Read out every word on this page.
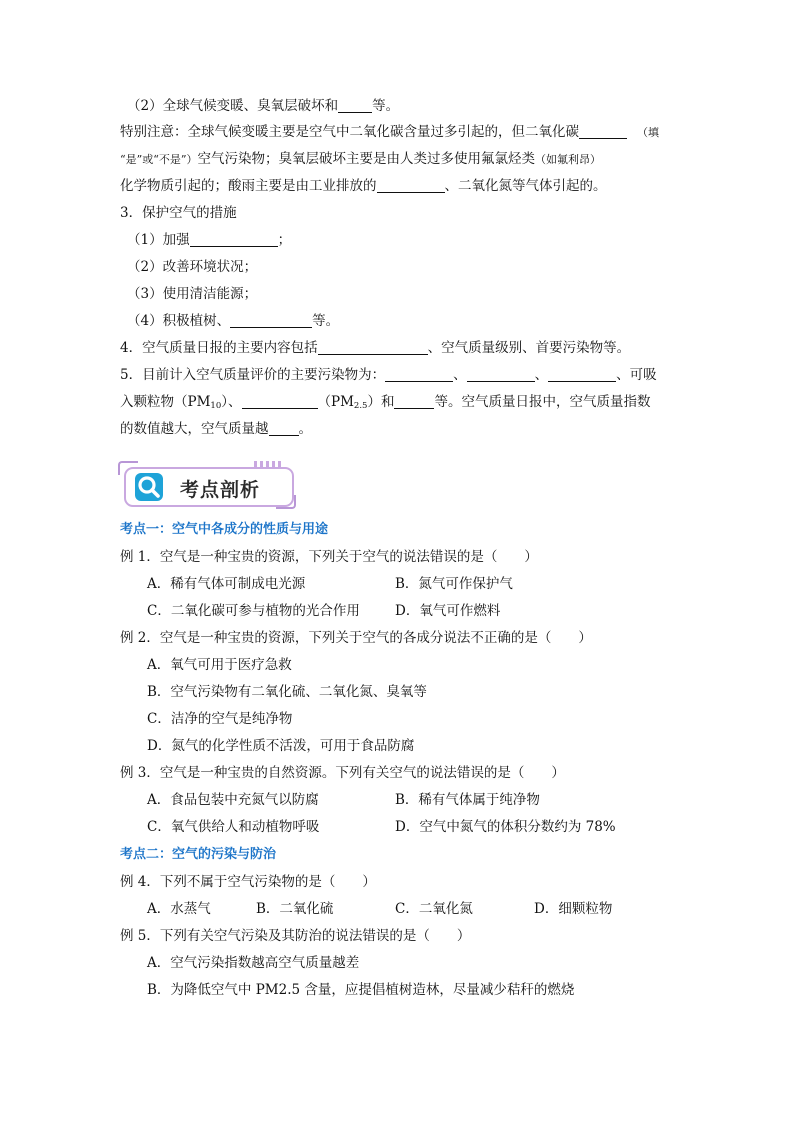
（2）全球气候变暖、臭氧层破坏和	等。
特别注意：全球气候变暖主要是空气中二氧化碳含量过多引起的，但二氧化碳	（填
“是”或“不是”）空气污染物；臭氧层破坏主要是由人类过多使用氟氯烃类（如氟利昂）
化学物质引起的；酸雨主要是由工业排放的	、二氧化氮等气体引起的。
3．保护空气的措施
（1）加强	；
（2）改善环境状况；
（3）使用清洁能源；
（4）积极植树、	等。
4．空气质量日报的主要内容包括	、空气质量级别、首要污染物等。
5．目前计入空气质量评价的主要污染物为：	、	、	、可吸
入颗粒物$(PM_{10})$、	$(PM_{2.5})$和	等。空气质量日报中，空气质量指数
的数值越大，空气质量越 。
考点剖析
考点一：空气中各成分的性质与用途
例 1．空气是一种宝贵的资源，下列关于空气的说法错误的是（　　）
A．稀有气体可制成电光源	B．氮气可作保护气
C．二氧化碳可参与植物的光合作用	D．氧气可作燃料
例 2．空气是一种宝贵的资源，下列关于空气的各成分说法不正确的是（　　）
A．氧气可用于医疗急救
B．空气污染物有二氧化硫、二氧化氮、臭氧等
C．洁净的空气是纯净物
D．氮气的化学性质不活泼，可用于食品防腐
例 3．空气是一种宝贵的自然资源。下列有关空气的说法错误的是（　　）
A．食品包装中充氮气以防腐	B．稀有气体属于纯净物
C．氧气供给人和动植物呼吸	D．空气中氮气的体积分数约为 78%
考点二：空气的污染与防治
例 4．下列不属于空气污染物的是（　　）
A．水蒸气	B．二氧化硫	C．二氧化氮	D．细颗粒物
例 5．下列有关空气污染及其防治的说法错误的是（　　）
A．空气污染指数越高空气质量越差
B．为降低空气中 PM2.5 含量，应提倡植树造林，尽量减少秸秆的燃烧
